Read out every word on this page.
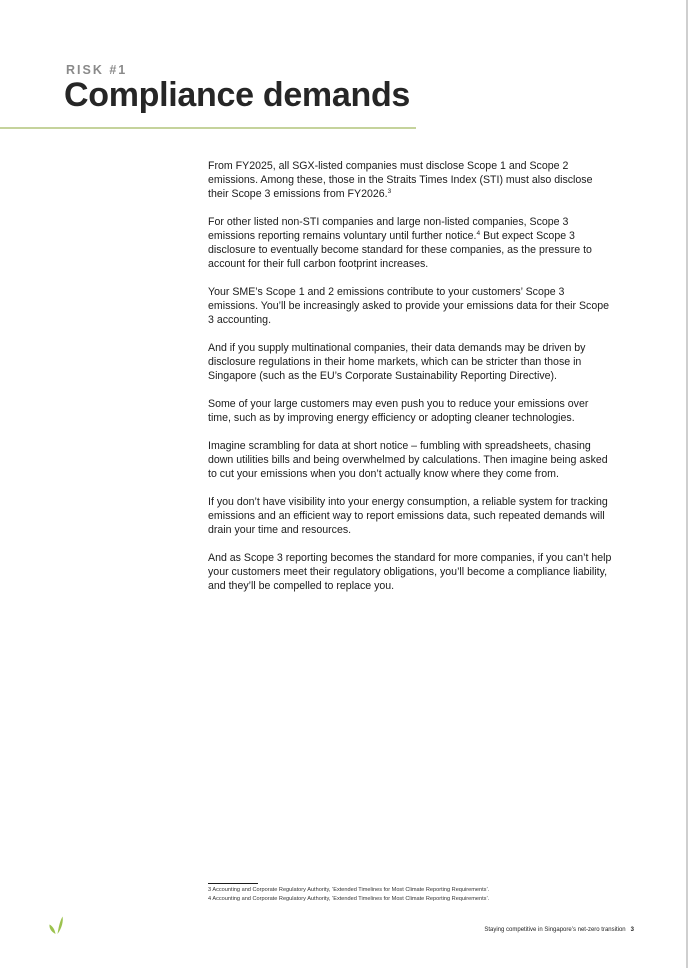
RISK #1
Compliance demands

From FY2025, all SGX-listed companies must disclose Scope 1 and Scope 2 emissions. Among these, those in the Straits Times Index (STI) must also disclose their Scope 3 emissions from FY2026.$^3$

For other listed non-STI companies and large non-listed companies, Scope 3 emissions reporting remains voluntary until further notice.$^4$ But expect Scope 3 disclosure to eventually become standard for these companies, as the pressure to account for their full carbon footprint increases.

Your SME’s Scope 1 and 2 emissions contribute to your customers’ Scope 3 emissions. You’ll be increasingly asked to provide your emissions data for their Scope 3 accounting.

And if you supply multinational companies, their data demands may be driven by disclosure regulations in their home markets, which can be stricter than those in Singapore (such as the EU’s Corporate Sustainability Reporting Directive).

Some of your large customers may even push you to reduce your emissions over time, such as by improving energy efficiency or adopting cleaner technologies.

Imagine scrambling for data at short notice – fumbling with spreadsheets, chasing down utilities bills and being overwhelmed by calculations. Then imagine being asked to cut your emissions when you don’t actually know where they come from.

If you don’t have visibility into your energy consumption, a reliable system for tracking emissions and an efficient way to report emissions data, such repeated demands will drain your time and resources.

And as Scope 3 reporting becomes the standard for more companies, if you can’t help your customers meet their regulatory obligations, you’ll become a compliance liability, and they’ll be compelled to replace you.

3 Accounting and Corporate Regulatory Authority, ‘Extended Timelines for Most Climate Reporting Requirements’.
4 Accounting and Corporate Regulatory Authority, ‘Extended Timelines for Most Climate Reporting Requirements’.
Staying competitive in Singapore’s net-zero transition 3
